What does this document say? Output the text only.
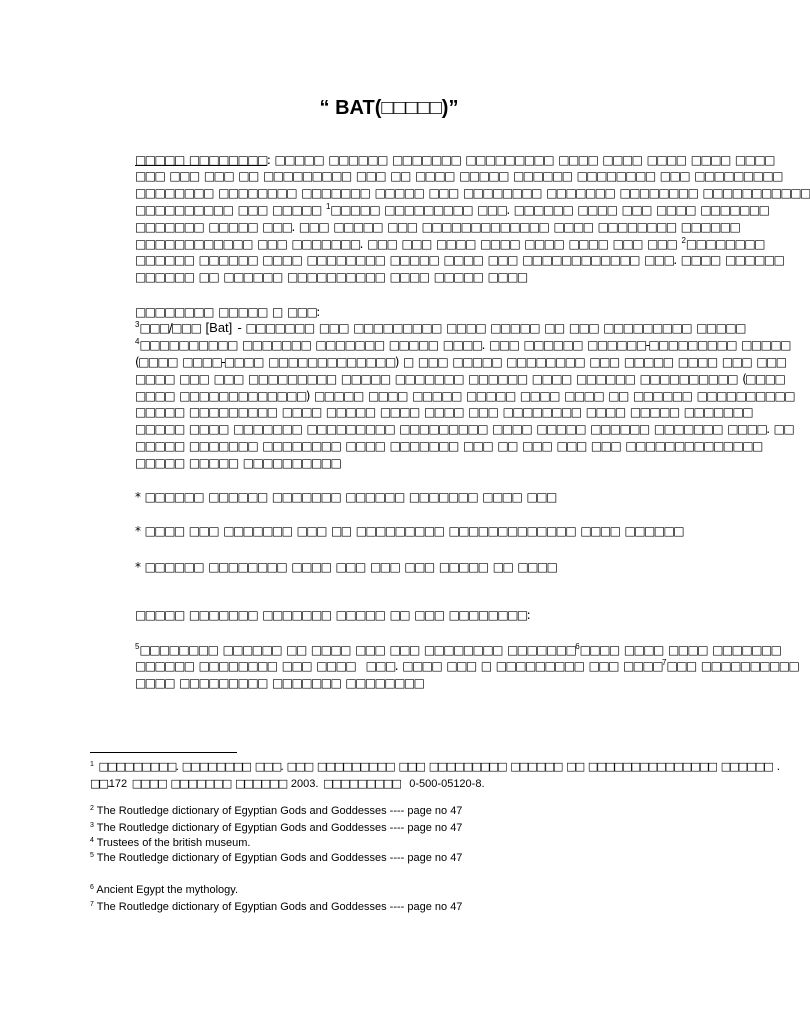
“ BAT(□□□□□)”
□□□□□ □□□□□□□□: □□□□□ □□□□□□ □□□□□□□ □□□□□□□□□ □□□□ □□□□ □□□□ □□□□ □□□□
□□□ □□□ □□□ □□ □□□□□□□□□ □□□ □□ □□□□ □□□□□ □□□□□□ □□□□□□□□ □□□ □□□□□□□□□
□□□□□□□□ □□□□□□□□ □□□□□□□ □□□□□ □□□ □□□□□□□□ □□□□□□□ □□□□□□□□ □□□□□□□□□□□
□□□□□□□□□□ □□□ □□□□□ $^1$□□□□□ □□□□□□□□□ □□□. □□□□□□ □□□□ □□□ □□□□ □□□□□□□
□□□□□□□ □□□□□ □□□. □□□ □□□□□ □□□ □□□□□□□□□□□□□ □□□□ □□□□□□□□ □□□□□□
□□□□□□□□□□□□ □□□ □□□□□□□. □□□ □□□ □□□□ □□□□ □□□□ □□□□ □□□ □□□ $^2$□□□□□□□□
□□□□□□ □□□□□□ □□□□ □□□□□□□□ □□□□□ □□□□ □□□ □□□□□□□□□□□□ □□□. □□□□ □□□□□□
□□□□□□ □□ □□□□□□ □□□□□□□□□□ □□□□ □□□□□ □□□□
□□□□□□□□ □□□□□ □ □□□:
$^3$□□□/□□□ [Bat] - □□□□□□□ □□□ □□□□□□□□□ □□□□ □□□□□ □□ □□□ □□□□□□□□□ □□□□□
$^4$□□□□□□□□□□ □□□□□□□ □□□□□□□ □□□□□ □□□□. □□□ □□□□□□ □□□□□□-□□□□□□□□□ □□□□□
(□□□□ □□□□-□□□□ □□□□□□□□□□□□□) □ □□□ □□□□□ □□□□□□□□ □□□ □□□□□ □□□□ □□□ □□□
□□□□ □□□ □□□ □□□□□□□□□ □□□□□ □□□□□□□ □□□□□□ □□□□ □□□□□□ □□□□□□□□□□ (□□□□
□□□□ □□□□□□□□□□□□□) □□□□□ □□□□ □□□□□ □□□□□ □□□□ □□□□ □□ □□□□□□ □□□□□□□□□□
□□□□□ □□□□□□□□□ □□□□ □□□□□ □□□□ □□□□ □□□ □□□□□□□□ □□□□ □□□□□ □□□□□□□
□□□□□ □□□□ □□□□□□□ □□□□□□□□□ □□□□□□□□□ □□□□ □□□□□ □□□□□□ □□□□□□□ □□□□. □□
□□□□□ □□□□□□□ □□□□□□□□ □□□□ □□□□□□□ □□□ □□ □□□ □□□ □□□ □□□□□□□□□□□□□□
□□□□□ □□□□□ □□□□□□□□□□
* □□□□□□ □□□□□□ □□□□□□□ □□□□□□ □□□□□□□ □□□□ □□□
* □□□□ □□□ □□□□□□□ □□□ □□ □□□□□□□□□ □□□□□□□□□□□□□ □□□□ □□□□□□
* □□□□□□ □□□□□□□□ □□□□ □□□ □□□ □□□ □□□□□ □□ □□□□
□□□□□ □□□□□□□ □□□□□□□ □□□□□ □□ □□□ □□□□□□□□:
$^5$□□□□□□□□ □□□□□□ □□ □□□□ □□□ □□□ □□□□□□□□ □□□□□□□$^6$□□□□ □□□□ □□□□ □□□□□□□
□□□□□□ □□□□□□□□ □□□ □□□□  □□□. □□□□ □□□ □ □□□□□□□□□ □□□ □□□□$^7$□□□ □□□□□□□□□□
□□□□ □□□□□□□□□ □□□□□□□ □□□□□□□□
$^1$ □□□□□□□□□. □□□□□□□□ □□□. □□□ □□□□□□□□□ □□□ □□□□□□□□□ □□□□□□ □□ □□□□□□□□□□□□□□□ □□□□□□ .
□□.172 □□□□ □□□□□□□ □□□□□□ 2003. □□□□□□□□□  0-500-05120-8.
$^2$ The Routledge dictionary of Egyptian Gods and Goddesses ---- page no 47
$^3$ The Routledge dictionary of Egyptian Gods and Goddesses ---- page no 47
$^4$ Trustees of the british museum.
$^5$ The Routledge dictionary of Egyptian Gods and Goddesses ---- page no 47
$^6$ Ancient Egypt the mythology.
$^7$ The Routledge dictionary of Egyptian Gods and Goddesses ---- page no 47
